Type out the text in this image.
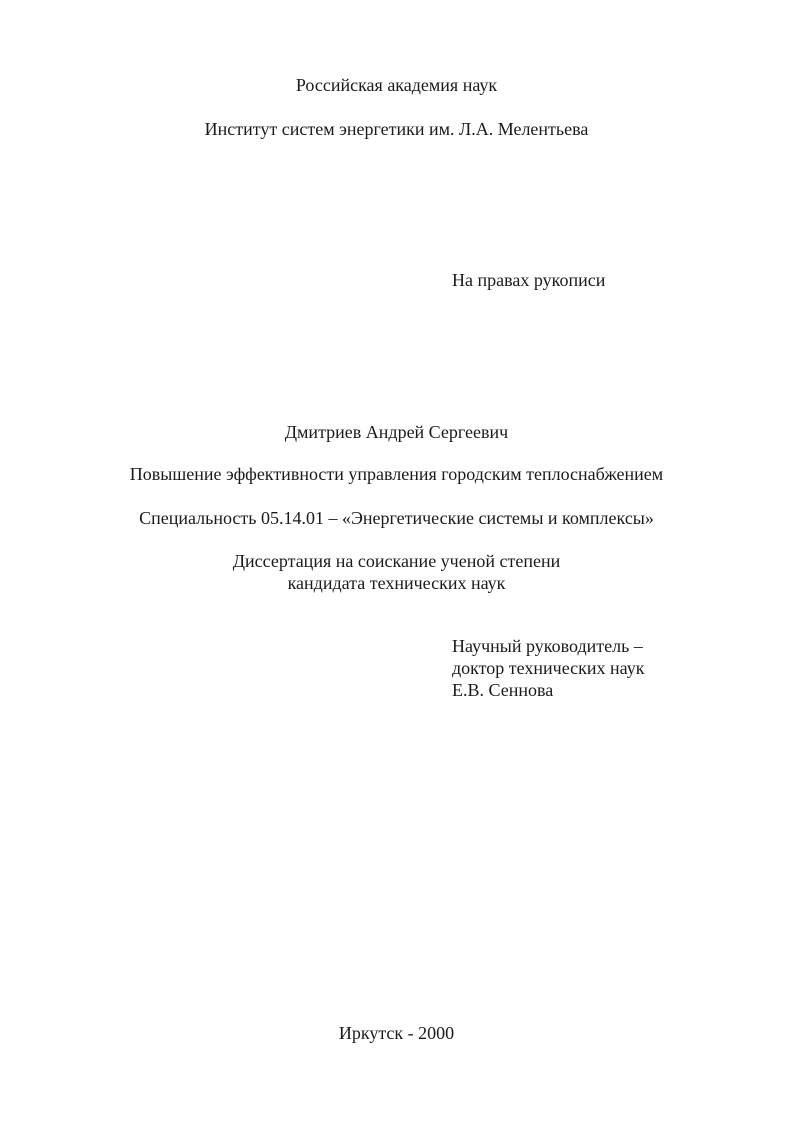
Российская академия наук
Институт систем энергетики им. Л.А. Мелентьева
На правах рукописи
Дмитриев Андрей Сергеевич
Повышение эффективности управления городским теплоснабжением
Специальность 05.14.01 – «Энергетические системы и комплексы»
Диссертация на соискание ученой степени
кандидата технических наук
Научный руководитель –
доктор технических наук
Е.В. Сеннова
Иркутск - 2000
